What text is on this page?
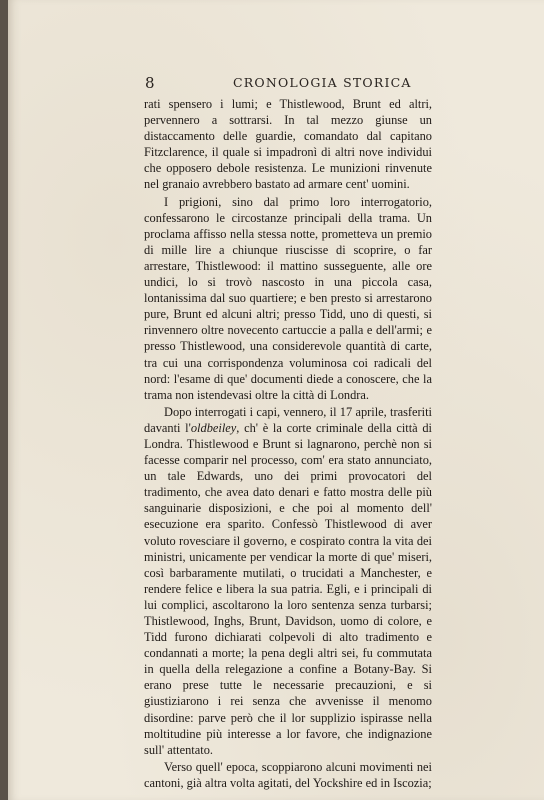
8	CRONOLOGIA STORICA

rati spensero i lumi; e Thistlewood, Brunt ed altri, pervennero a sottrarsi. In tal mezzo giunse un distaccamento delle guardie, comandato dal capitano Fitzclarence, il quale si impadronì di altri nove individui che opposero debole resistenza. Le munizioni rinvenute nel granaio avrebbero bastato ad armare cent' uomini.

I prigioni, sino dal primo loro interrogatorio, confessarono le circostanze principali della trama. Un proclama affisso nella stessa notte, prometteva un premio di mille lire a chiunque riuscisse di scoprire, o far arrestare, Thistlewood: il mattino susseguente, alle ore undici, lo si trovò nascosto in una piccola casa, lontanissima dal suo quartiere; e ben presto si arrestarono pure, Brunt ed alcuni altri; presso Tidd, uno di questi, si rinvennero oltre novecento cartuccie a palla e dell'armi; e presso Thistlewood, una considerevole quantità di carte, tra cui una corrispondenza voluminosa coi radicali del nord: l'esame di que' documenti diede a conoscere, che la trama non istendevasi oltre la città di Londra.

Dopo interrogati i capi, vennero, il 17 aprile, trasferiti davanti l'oldbeiley, ch' è la corte criminale della città di Londra. Thistlewood e Brunt si lagnarono, perchè non si facesse comparir nel processo, com' era stato annunciato, un tale Edwards, uno dei primi provocatori del tradimento, che avea dato denari e fatto mostra delle più sanguinarie disposizioni, e che poi al momento dell' esecuzione era sparito. Confessò Thistlewood di aver voluto rovesciare il governo, e cospirato contra la vita dei ministri, unicamente per vendicar la morte di que' miseri, così barbaramente mutilati, o trucidati a Manchester, e rendere felice e libera la sua patria. Egli, e i principali di lui complici, ascoltarono la loro sentenza senza turbarsi; Thistlewood, Inghs, Brunt, Davidson, uomo di colore, e Tidd furono dichiarati colpevoli di alto tradimento e condannati a morte; la pena degli altri sei, fu commutata in quella della relegazione a confine a Botany-Bay. Si erano prese tutte le necessarie precauzioni, e si giustiziarono i rei senza che avvenisse il menomo disordine: parve però che il lor supplizio ispirasse nella moltitudine più interesse a lor favore, che indignazione sull' attentato.

Verso quell' epoca, scoppiarono alcuni movimenti nei cantoni, già altra volta agitati, del Yockshire ed in Iscozia;
